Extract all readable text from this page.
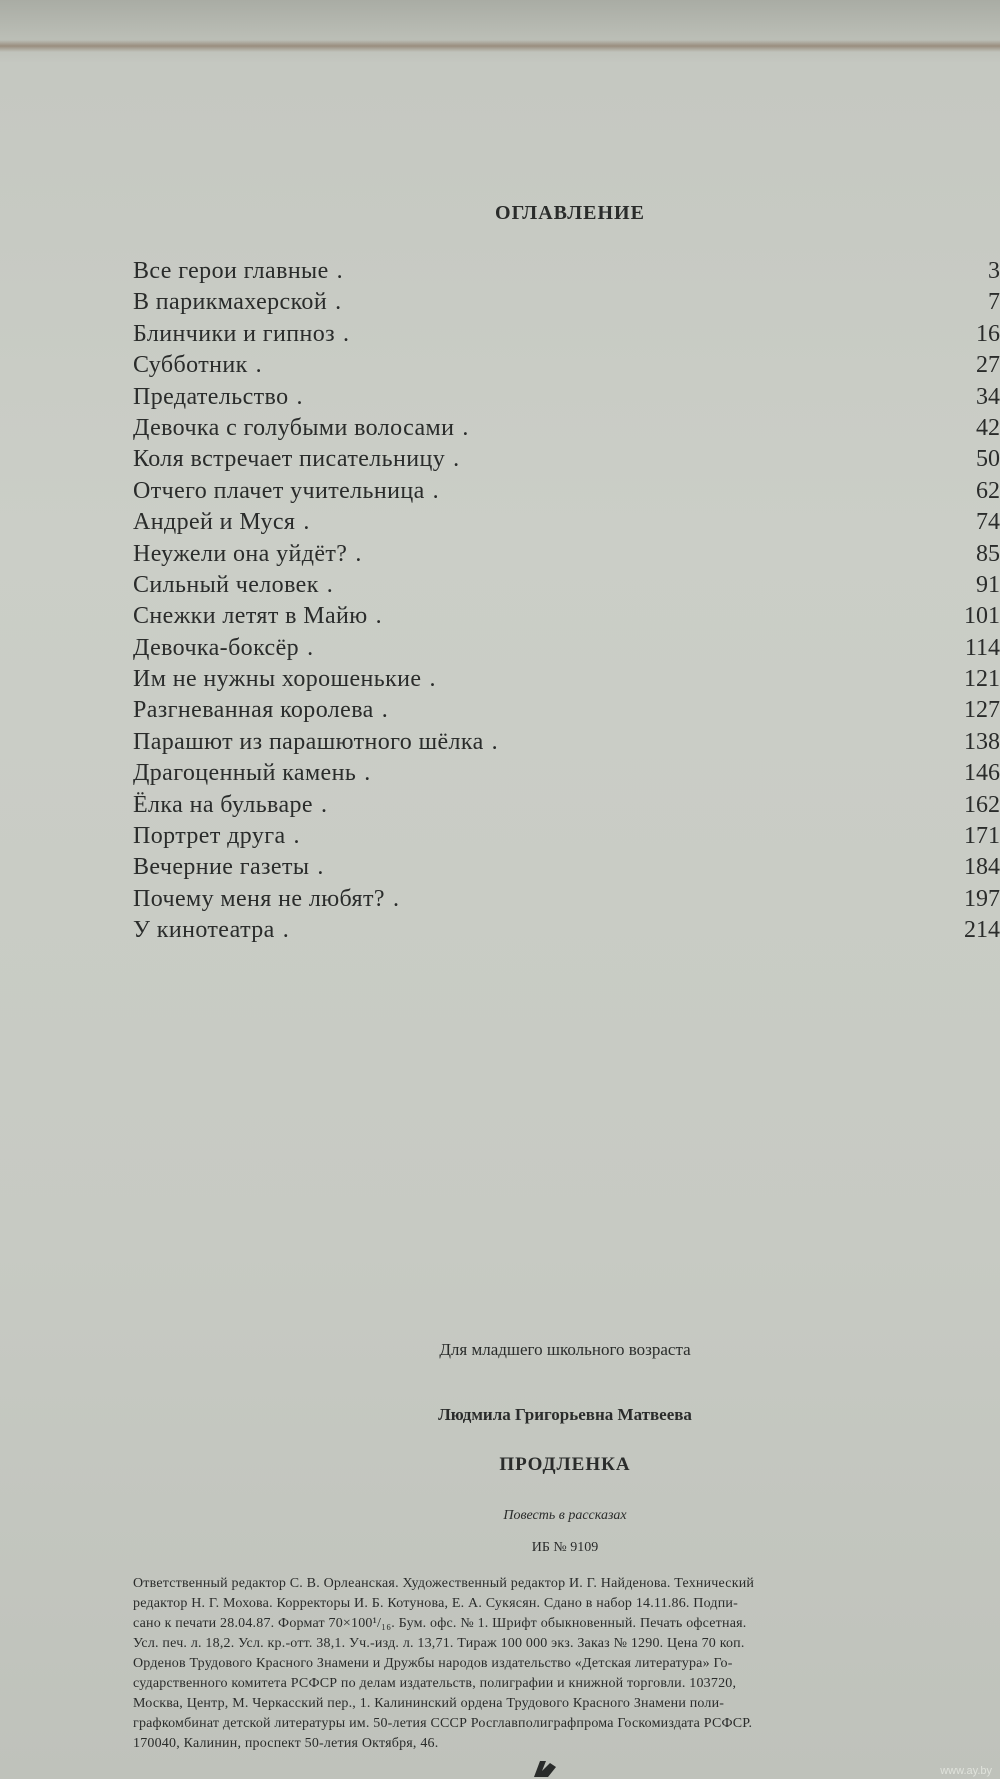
ОГЛАВЛЕНИЕ
Все герои главные .	3
В парикмахерской .	7
Блинчики и гипноз .	16
Субботник .	27
Предательство .	34
Девочка с голубыми волосами .	42
Коля встречает писательницу .	50
Отчего плачет учительница .	62
Андрей и Муся .	74
Неужели она уйдёт? .	85
Сильный человек .	91
Снежки летят в Майю .	101
Девочка-боксёр .	114
Им не нужны хорошенькие .	121
Разгневанная королева .	127
Парашют из парашютного шёлка .	138
Драгоценный камень .	146
Ёлка на бульваре .	162
Портрет друга .	171
Вечерние газеты .	184
Почему меня не любят? .	197
У кинотеатра .	214
Для младшего школьного возраста
Людмила Григорьевна Матвеева
ПРОДЛЕНКА
Повесть в рассказах
ИБ № 9109
Ответственный редактор С. В. Орлеанская. Художественный редактор И. Г. Найденова. Технический
редактор Н. Г. Мохова. Корректоры И. Б. Котунова, Е. А. Сукясян. Сдано в набор 14.11.86. Подпи-
сано к печати 28.04.87. Формат 70×100¹/₁₆. Бум. офс. № 1. Шрифт обыкновенный. Печать офсетная.
Усл. печ. л. 18,2. Усл. кр.-отт. 38,1. Уч.-изд. л. 13,71. Тираж 100 000 экз. Заказ № 1290. Цена 70 коп.
Орденов Трудового Красного Знамени и Дружбы народов издательство «Детская литература» Го-
сударственного комитета РСФСР по делам издательств, полиграфии и книжной торговли. 103720,
Москва, Центр, М. Черкасский пер., 1. Калининский ордена Трудового Красного Знамени поли-
графкомбинат детской литературы им. 50-летия СССР Росглавполиграфпрома Госкомиздата РСФСР.
170040, Калинин, проспект 50-летия Октября, 46.
www.ay.by
